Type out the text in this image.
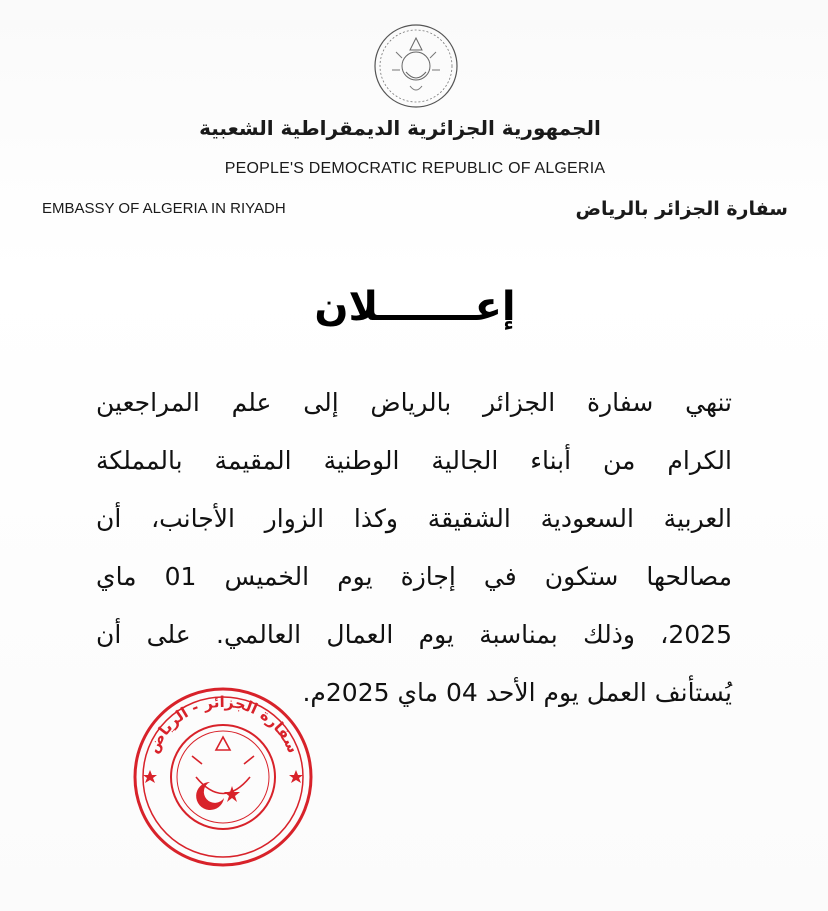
الجمهورية الجزائرية الديمقراطية الشعبية
PEOPLE'S DEMOCRATIC REPUBLIC OF ALGERIA
EMBASSY OF ALGERIA IN RIYADH	سفارة الجزائر بالرياض
إعـــــــلان
تنهي سفارة الجزائر بالرياض إلى علم المراجعين
الكرام من أبناء الجالية الوطنية المقيمة بالمملكة
العربية السعودية الشقيقة وكذا الزوار الأجانب، أن
مصالحها ستكون في إجازة يوم الخميس 01 ماي
2025، وذلك بمناسبة يوم العمال العالمي. على أن
يُستأنف العمل يوم الأحد 04 ماي 2025م.
سفارة الجزائر - الرياض
